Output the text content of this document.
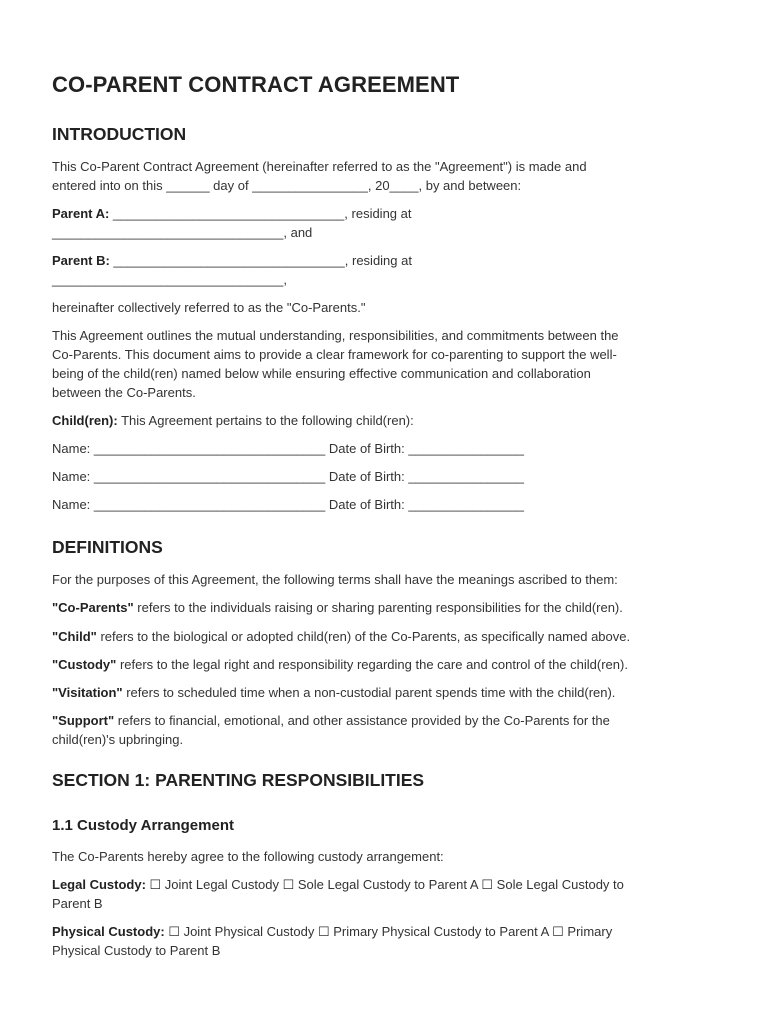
CO-PARENT CONTRACT AGREEMENT
INTRODUCTION
This Co-Parent Contract Agreement (hereinafter referred to as the "Agreement") is made and
entered into on this ______ day of ________________, 20____, by and between:
Parent A: ________________________________, residing at
________________________________, and
Parent B: ________________________________, residing at
________________________________,
hereinafter collectively referred to as the "Co-Parents."
This Agreement outlines the mutual understanding, responsibilities, and commitments between the
Co-Parents. This document aims to provide a clear framework for co-parenting to support the well-
being of the child(ren) named below while ensuring effective communication and collaboration
between the Co-Parents.
Child(ren): This Agreement pertains to the following child(ren):
Name: ________________________________ Date of Birth: ________________
Name: ________________________________ Date of Birth: ________________
Name: ________________________________ Date of Birth: ________________
DEFINITIONS
For the purposes of this Agreement, the following terms shall have the meanings ascribed to them:
"Co-Parents" refers to the individuals raising or sharing parenting responsibilities for the child(ren).
"Child" refers to the biological or adopted child(ren) of the Co-Parents, as specifically named above.
"Custody" refers to the legal right and responsibility regarding the care and control of the child(ren).
"Visitation" refers to scheduled time when a non-custodial parent spends time with the child(ren).
"Support" refers to financial, emotional, and other assistance provided by the Co-Parents for the
child(ren)'s upbringing.
SECTION 1: PARENTING RESPONSIBILITIES
1.1 Custody Arrangement
The Co-Parents hereby agree to the following custody arrangement:
Legal Custody: ☐ Joint Legal Custody ☐ Sole Legal Custody to Parent A ☐ Sole Legal Custody to
Parent B
Physical Custody: ☐ Joint Physical Custody ☐ Primary Physical Custody to Parent A ☐ Primary
Physical Custody to Parent B
